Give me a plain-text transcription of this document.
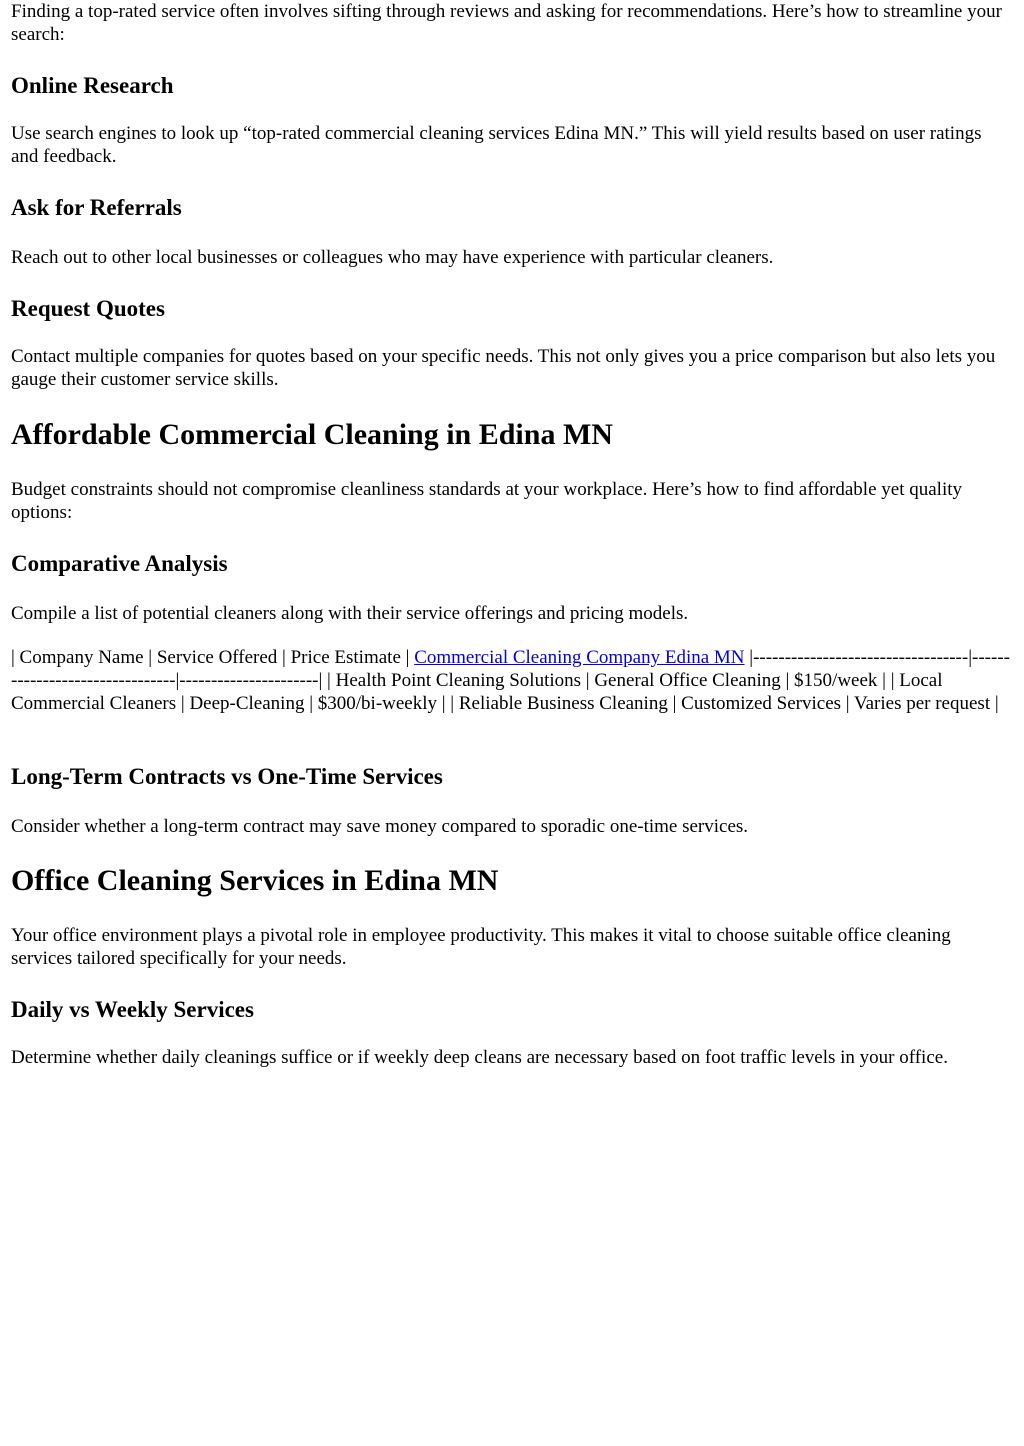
Finding a top-rated service often involves sifting through reviews and asking for recommendations. Here’s how to streamline your search:

Online Research

Use search engines to look up “top-rated commercial cleaning services Edina MN.” This will yield results based on user ratings and feedback.

Ask for Referrals

Reach out to other local businesses or colleagues who may have experience with particular cleaners.

Request Quotes

Contact multiple companies for quotes based on your specific needs. This not only gives you a price comparison but also lets you gauge their customer service skills.

Affordable Commercial Cleaning in Edina MN

Budget constraints should not compromise cleanliness standards at your workplace. Here’s how to find affordable yet quality options:

Comparative Analysis

Compile a list of potential cleaners along with their service offerings and pricing models.

| Company Name | Service Offered | Price Estimate | Commercial Cleaning Company Edina MN |----------------------------------|--------------------------------|----------------------| | Health Point Cleaning Solutions | General Office Cleaning | $150/week | | Local Commercial Cleaners | Deep-Cleaning | $300/bi-weekly | | Reliable Business Cleaning | Customized Services | Varies per request |

Long-Term Contracts vs One-Time Services

Consider whether a long-term contract may save money compared to sporadic one-time services.

Office Cleaning Services in Edina MN

Your office environment plays a pivotal role in employee productivity. This makes it vital to choose suitable office cleaning services tailored specifically for your needs.

Daily vs Weekly Services

Determine whether daily cleanings suffice or if weekly deep cleans are necessary based on foot traffic levels in your office.
